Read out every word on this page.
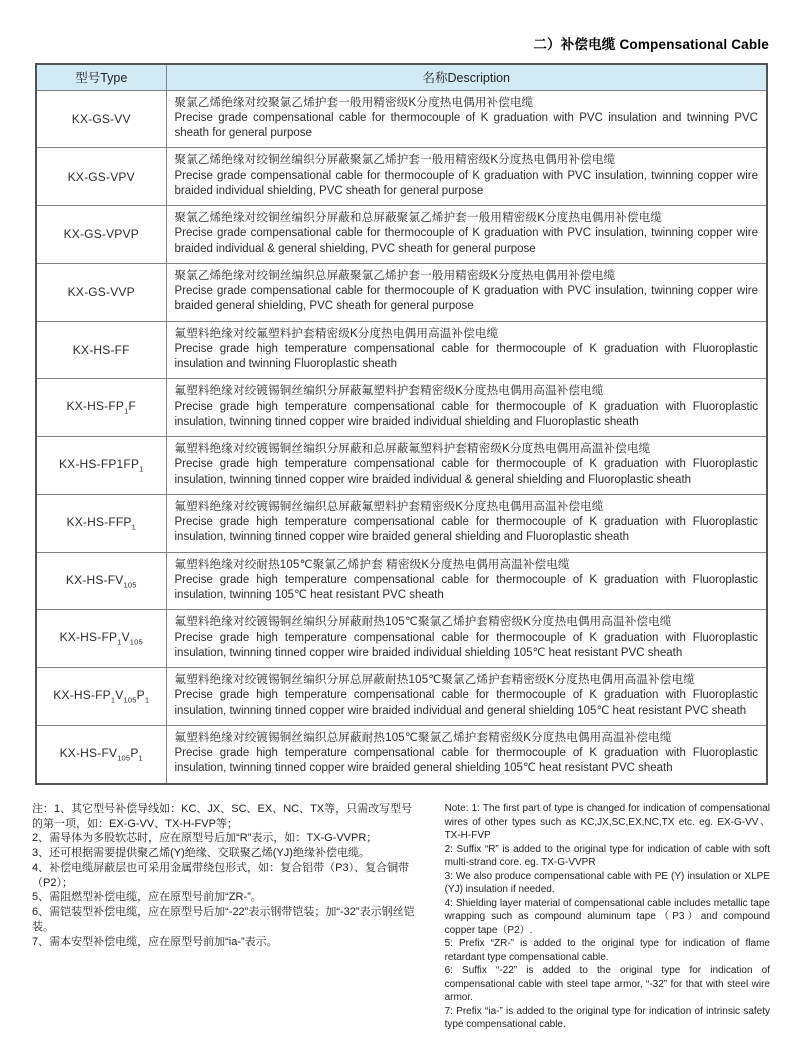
二）补偿电缆 Compensational Cable
型号Type	名称Description
KX-GS-VV	聚氯乙烯绝缘对绞聚氯乙烯护套一般用精密级K分度热电偶用补偿电缆
Precise grade compensational cable for thermocouple of K graduation with PVC insulation and twinning PVC sheath for general purpose

KX-GS-VPV	聚氯乙烯绝缘对绞铜丝编织分屏蔽聚氯乙烯护套一般用精密级K分度热电偶用补偿电缆
Precise grade compensational cable for thermocouple of K graduation with PVC insulation, twinning copper wire braided individual shielding, PVC sheath for general purpose

KX-GS-VPVP	聚氯乙烯绝缘对绞铜丝编织分屏蔽和总屏蔽聚氯乙烯护套一般用精密级K分度热电偶用补偿电缆
Precise grade compensational cable for thermocouple of K graduation with PVC insulation, twinning copper wire braided individual & general shielding, PVC sheath for general purpose

KX-GS-VVP	聚氯乙烯绝缘对绞铜丝编织总屏蔽聚氯乙烯护套一般用精密级K分度热电偶用补偿电缆
Precise grade compensational cable for thermocouple of K graduation with PVC insulation, twinning copper wire braided general shielding, PVC sheath for general purpose

KX-HS-FF	氟塑料绝缘对绞氟塑料护套精密级K分度热电偶用高温补偿电缆
Precise grade high temperature compensational cable for thermocouple of K graduation with Fluoroplastic insulation and twinning Fluoroplastic sheath

$KX-HS-FP_1F$	氟塑料绝缘对绞镀锡铜丝编织分屏蔽氟塑料护套精密级K分度热电偶用高温补偿电缆
Precise grade high temperature compensational cable for thermocouple of K graduation with Fluoroplastic insulation, twinning tinned copper wire braided individual shielding and Fluoroplastic sheath

$KX-HS-FP1FP_1$	氟塑料绝缘对绞镀锡铜丝编织分屏蔽和总屏蔽氟塑料护套精密级K分度热电偶用高温补偿电缆
Precise grade high temperature compensational cable for thermocouple of K graduation with Fluoroplastic insulation, twinning tinned copper wire braided individual & general shielding and Fluoroplastic sheath

$KX-HS-FFP_1$	氟塑料绝缘对绞镀锡铜丝编织总屏蔽氟塑料护套精密级K分度热电偶用高温补偿电缆
Precise grade high temperature compensational cable for thermocouple of K graduation with Fluoroplastic insulation, twinning tinned copper wire braided general shielding and Fluoroplastic sheath

$KX-HS-FV_{105}$	氟塑料绝缘对绞耐热105℃聚氯乙烯护套 精密级K分度热电偶用高温补偿电缆
Precise grade high temperature compensational cable for thermocouple of K graduation with Fluoroplastic insulation, twinning 105℃ heat resistant PVC sheath

$KX-HS-FP_1V_{105}$	氟塑料绝缘对绞镀锡铜丝编织分屏蔽耐热105℃聚氯乙烯护套精密级K分度热电偶用高温补偿电缆
Precise grade high temperature compensational cable for thermocouple of K graduation with Fluoroplastic insulation, twinning tinned copper wire braided individual shielding 105℃ heat resistant PVC sheath

$KX-HS-FP_1V_{105}P_1$	氟塑料绝缘对绞镀锡铜丝编织分屏总屏蔽耐热105℃聚氯乙烯护套精密级K分度热电偶用高温补偿电缆
Precise grade high temperature compensational cable for thermocouple of K graduation with Fluoroplastic insulation, twinning tinned copper wire braided individual and general shielding 105℃ heat resistant PVC sheath

$KX-HS-FV_{105}P_1$	氟塑料绝缘对绞镀锡铜丝编织总屏蔽耐热105℃聚氯乙烯护套精密级K分度热电偶用高温补偿电缆
Precise grade high temperature compensational cable for thermocouple of K graduation with Fluoroplastic insulation, twinning tinned copper wire braided general shielding 105℃ heat resistant PVC sheath

注：1、其它型号补偿导线如：KC、JX、SC、EX、NC、TX等，只需改写型号的第一项，如：EX-G-VV、TX-H-FVP等；

2、需导体为多股软芯时，应在原型号后加“R”表示，如：TX-G-VVPR；

3、还可根据需要提供聚乙烯(Y)绝缘、交联聚乙烯(YJ)绝缘补偿电缆。

4、补偿电缆屏蔽层也可采用金属带绕包形式，如：复合铝带（P3）、复合铜带（P2）；

5、需阻燃型补偿电缆，应在原型号前加“ZR-”。

6、需铠装型补偿电缆，应在原型号后加“-22”表示钢带铠装；加“-32”表示钢丝铠装。

7、需本安型补偿电缆，应在原型号前加“ia-”表示。

Note: 1: The first part of type is changed for indication of compensational wires of other types such as KC,JX,SC,EX,NC,TX etc. eg. EX-G-VV、TX-H-FVP

2: Suffix “R” is added to the original type for indication of cable with soft multi-strand core. eg. TX-G-VVPR

3: We also produce compensational cable with PE (Y) insulation or XLPE (YJ) insulation if needed.

4: Shielding layer material of compensational cable includes metallic tape wrapping such as compound aluminum tape（P3）and compound copper tape（P2）.

5: Prefix “ZR-” is added to the original type for indication of flame retardant type compensational cable.

6: Suffix “-22” is added to the original type for indication of compensational cable with steel tape armor, “-32” for that with steel wire armor.

7: Prefix “ia-” is added to the original type for indication of intrinsic safety type compensational cable.
